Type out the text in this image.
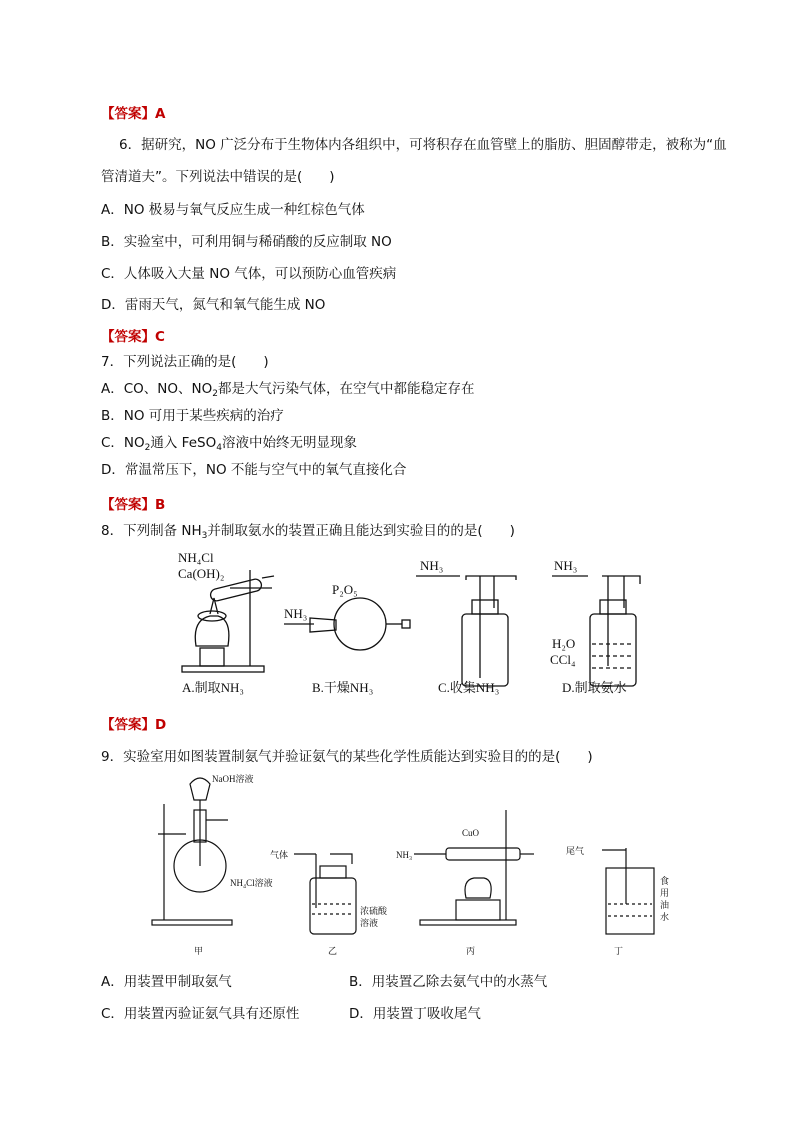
【答案】A
6．据研究，NO 广泛分布于生物体内各组织中，可将积存在血管壁上的脂肪、胆固醇带走，被称为“血
管清道夫”。下列说法中错误的是(　　)
A．NO 极易与氧气反应生成一种红棕色气体
B．实验室中，可利用铜与稀硝酸的反应制取 NO
C．人体吸入大量 NO 气体，可以预防心血管疾病
D．雷雨天气，氮气和氧气能生成 NO
【答案】C
7．下列说法正确的是(　　)
A．CO、NO、$NO_2$都是大气污染气体，在空气中都能稳定存在
B．NO 可用于某些疾病的治疗
C．$NO_2$通入 FeSO$_4$溶液中始终无明显现象
D．常温常压下，NO 不能与空气中的氧气直接化合
【答案】B
8．下列制备 $NH_3$并制取氨水的装置正确且能达到实验目的的是(　　)
NH₄Cl
Ca(OH)₂
A.制取NH₃
P₂O₅
NH₃
B.干燥NH₃
NH₃
C.收集NH₃
NH₃
H₂O
CCl₄
D.制取氨水
【答案】D
9．实验室用如图装置制氨气并验证氨气的某些化学性质能达到实验目的的是(　　)
NaOH溶液
NH₄Cl溶液
甲
气体
浓硫酸
溶液
乙
NH₃
CuO
丙
尾气
食
用
油
水
丁
A．用装置甲制取氨气	B．用装置乙除去氨气中的水蒸气
C．用装置丙验证氨气具有还原性	D．用装置丁吸收尾气
